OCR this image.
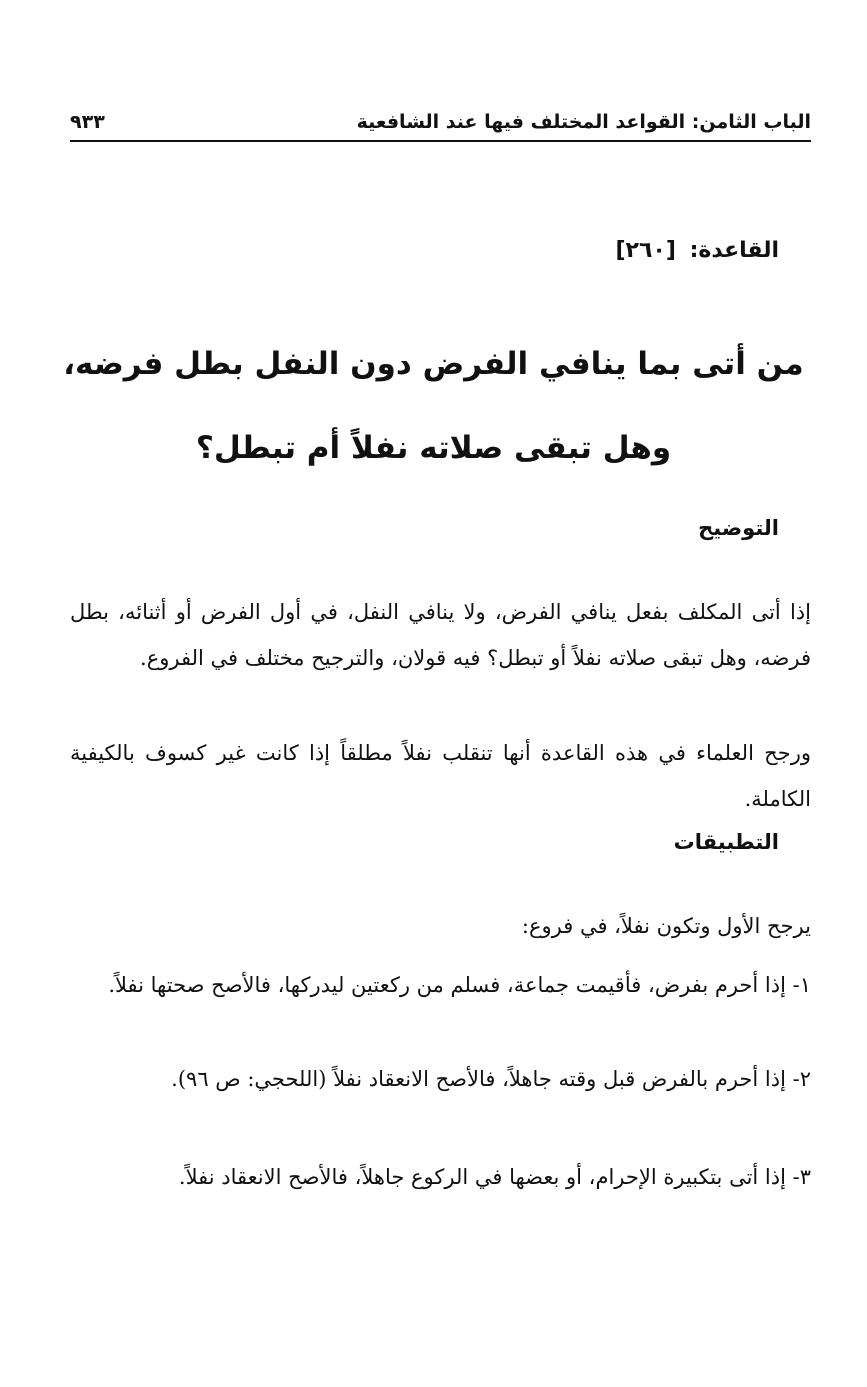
الباب الثامن: القواعد المختلف فيها عند الشافعية
٩٣٣
القاعدة: [٢٦٠]
من أتى بما ينافي الفرض دون النفل بطل فرضه،
وهل تبقى صلاته نفلاً أم تبطل؟
التوضيح

إذا أتى المكلف بفعل ينافي الفرض، ولا ينافي النفل، في أول الفرض أو أثنائه، بطل فرضه، وهل تبقى صلاته نفلاً أو تبطل؟ فيه قولان، والترجيح مختلف في الفروع.

ورجح العلماء في هذه القاعدة أنها تنقلب نفلاً مطلقاً إذا كانت غير كسوف بالكيفية الكاملة.

التطبيقات

يرجح الأول وتكون نفلاً، في فروع:

١- إذا أحرم بفرض، فأقيمت جماعة، فسلم من ركعتين ليدركها، فالأصح صحتها نفلاً.

٢- إذا أحرم بالفرض قبل وقته جاهلاً، فالأصح الانعقاد نفلاً (اللحجي: ص ٩٦).

٣- إذا أتى بتكبيرة الإحرام، أو بعضها في الركوع جاهلاً، فالأصح الانعقاد نفلاً.
